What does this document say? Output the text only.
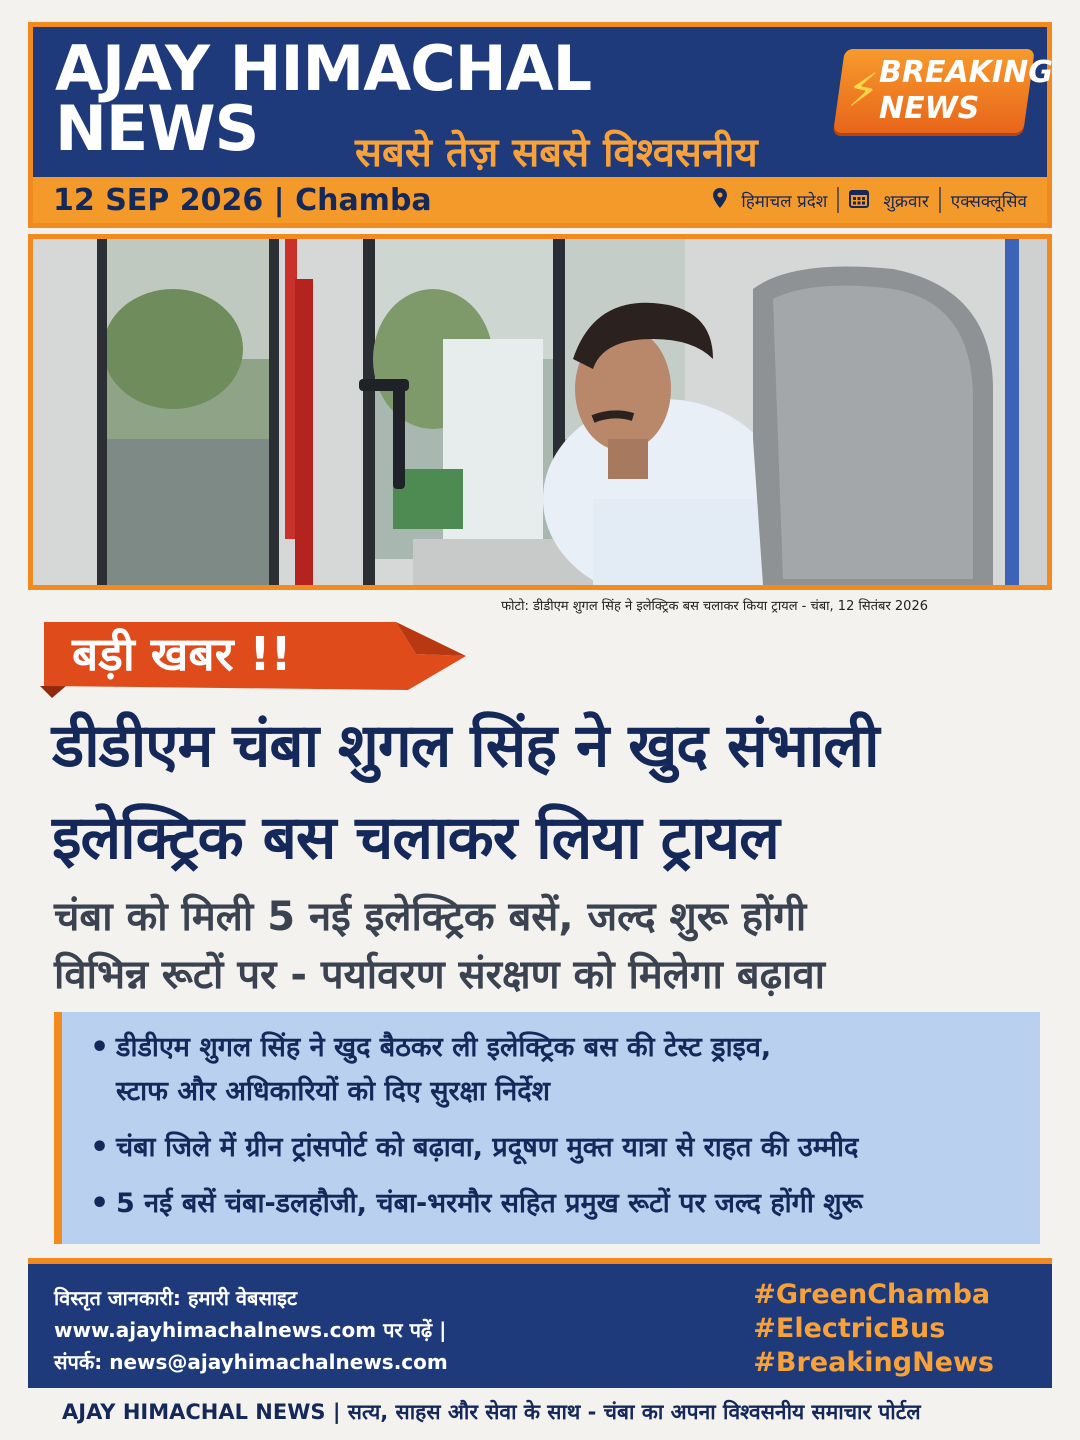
AJAY HIMACHAL
NEWS	सबसे तेज़ सबसे विश्वसनीय
⚡ BREAKING
NEWS
12 SEP 2026 | Chamba	हिमाचल प्रदेश	शुक्रवार एक्सक्लूसिव
फोटो: डीडीएम शुगल सिंह ने इलेक्ट्रिक बस चलाकर किया ट्रायल - चंबा, 12 सितंबर 2026
बड़ी खबर !!
डीडीएम चंबा शुगल सिंह ने खुद संभाली
इलेक्ट्रिक बस चलाकर लिया ट्रायल
चंबा को मिली 5 नई इलेक्ट्रिक बसें, जल्द शुरू होंगी
विभिन्न रूटों पर - पर्यावरण संरक्षण को मिलेगा बढ़ावा
• डीडीएम शुगल सिंह ने खुद बैठकर ली इलेक्ट्रिक बस की टेस्ट ड्राइव,
स्टाफ और अधिकारियों को दिए सुरक्षा निर्देश
• चंबा जिले में ग्रीन ट्रांसपोर्ट को बढ़ावा, प्रदूषण मुक्त यात्रा से राहत की उम्मीद
• 5 नई बसें चंबा-डलहौजी, चंबा-भरमौर सहित प्रमुख रूटों पर जल्द होंगी शुरू
विस्तृत जानकारी: हमारी वेबसाइट
www.ajayhimachalnews.com पर पढ़ें |
संपर्क: news@ajayhimachalnews.com
#GreenChamba
#ElectricBus
#BreakingNews
AJAY HIMACHAL NEWS | सत्य, साहस और सेवा के साथ - चंबा का अपना विश्वसनीय समाचार पोर्टल
